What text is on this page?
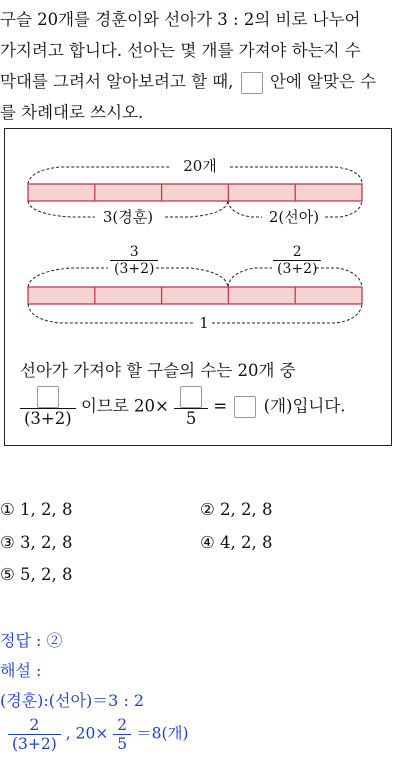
구슬 20개를 경훈이와 선아가 3 : 2의 비로 나누어
가지려고 합니다. 선아는 몇 개를 가져야 하는지 수
막대를 그려서 알아보려고 할 때, 안에 알맞은 수
를 차례대로 쓰시오.
20개
3(경훈)	2(선아)
1
$\frac{3}{(3+2)}$	$\frac{2}{(3+2)}$
선아가 가져야 할 구슬의 수는 20개 중
(3+2)
이므로 20×
5
= (개)입니다.
① 1, 2, 8	② 2, 2, 8
③ 3, 2, 8	④ 4, 2, 8
⑤ 5, 2, 8
정답 : ②
해설 :
(경훈):(선아)＝3 : 2
$\frac{2}{(3+2)}$ , $20\times \frac{2}{5} =8$(개)
